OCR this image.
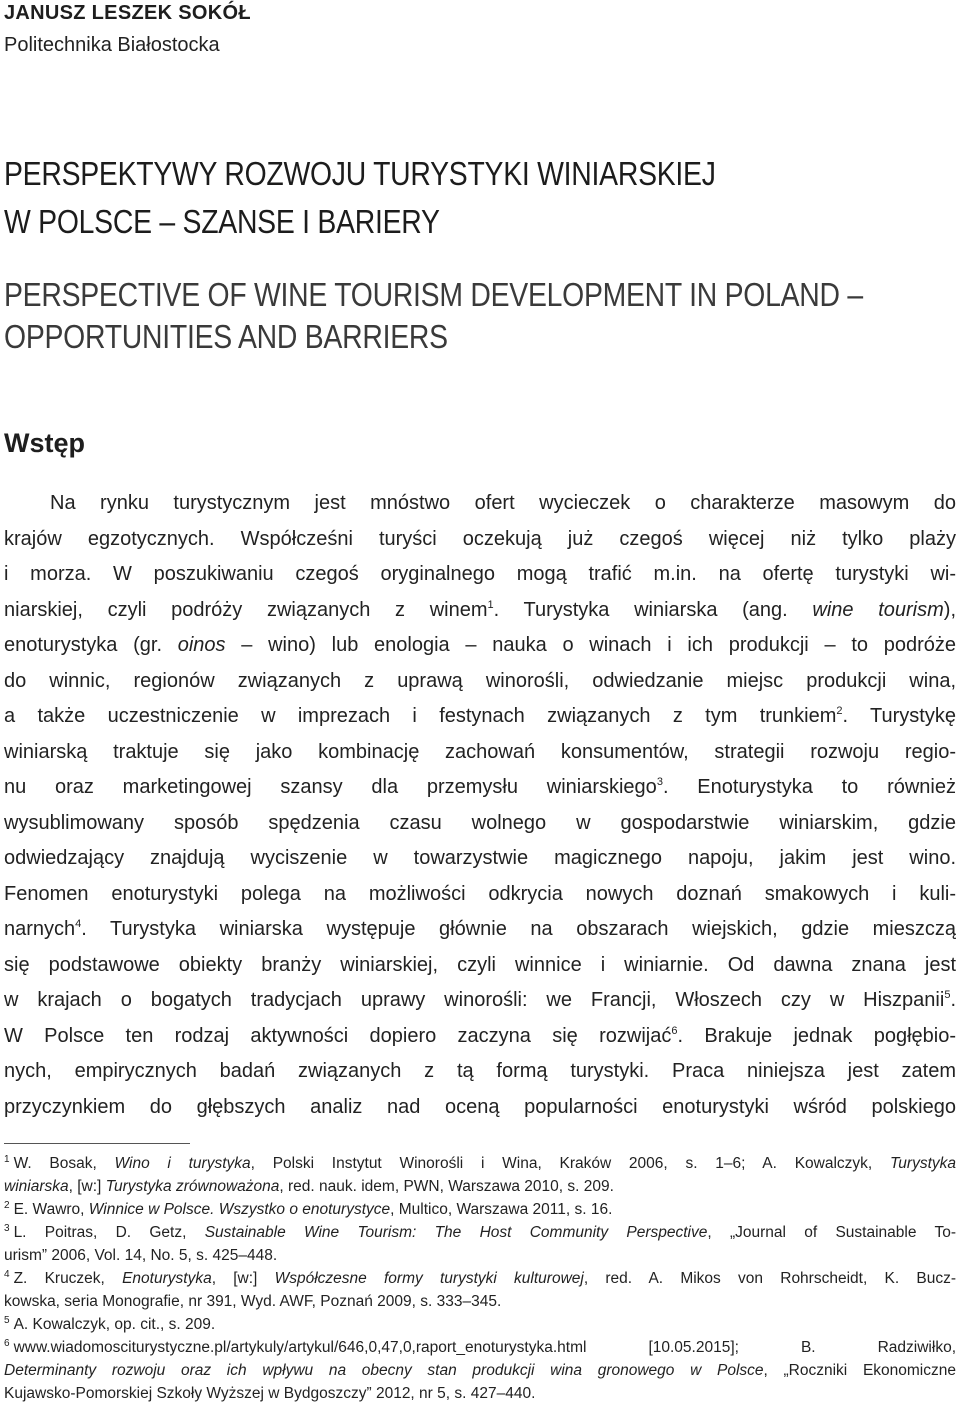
JANUSZ LESZEK SOKÓŁ
Politechnika Białostocka
PERSPEKTYWY ROZWOJU TURYSTYKI WINIARSKIEJ
W POLSCE – SZANSE I BARIERY
PERSPECTIVE OF WINE TOURISM DEVELOPMENT IN POLAND –
OPPORTUNITIES AND BARRIERS
Wstęp
Na rynku turystycznym jest mnóstwo ofert wycieczek o charakterze masowym do
krajów egzotycznych. Współcześni turyści oczekują już czegoś więcej niż tylko plaży
i morza. W poszukiwaniu czegoś oryginalnego mogą trafić m.in. na ofertę turystyki wi-
niarskiej, czyli podróży związanych z winem$^1$. Turystyka winiarska (ang. wine tourism),
enoturystyka (gr. oinos – wino) lub enologia – nauka o winach i ich produkcji – to podróże
do winnic, regionów związanych z uprawą winorośli, odwiedzanie miejsc produkcji wina,
a także uczestniczenie w imprezach i festynach związanych z tym trunkiem$^2$. Turystykę
winiarską traktuje się jako kombinację zachowań konsumentów, strategii rozwoju regio-
nu oraz marketingowej szansy dla przemysłu winiarskiego$^3$. Enoturystyka to również
wysublimowany sposób spędzenia czasu wolnego w gospodarstwie winiarskim, gdzie
odwiedzający znajdują wyciszenie w towarzystwie magicznego napoju, jakim jest wino.
Fenomen enoturystyki polega na możliwości odkrycia nowych doznań smakowych i kuli-
narnych$^4$. Turystyka winiarska występuje głównie na obszarach wiejskich, gdzie mieszczą
się podstawowe obiekty branży winiarskiej, czyli winnice i winiarnie. Od dawna znana jest
w krajach o bogatych tradycjach uprawy winorośli: we Francji, Włoszech czy w Hiszpanii$^5$.
W Polsce ten rodzaj aktywności dopiero zaczyna się rozwijać$^6$. Brakuje jednak pogłębio-
nych, empirycznych badań związanych z tą formą turystyki. Praca niniejsza jest zatem
przyczynkiem do głębszych analiz nad oceną popularności enoturystyki wśród polskiego
$^1$ W. Bosak, Wino i turystyka, Polski Instytut Winorośli i Wina, Kraków 2006, s. 1–6; A. Kowalczyk, Turystyka
winiarska, [w:] Turystyka zrównoważona, red. nauk. idem, PWN, Warszawa 2010, s. 209.
$^2$ E. Wawro, Winnice w Polsce. Wszystko o enoturystyce, Multico, Warszawa 2011, s. 16.
$^3$ L. Poitras, D. Getz, Sustainable Wine Tourism: The Host Community Perspective, „Journal of Sustainable To-
urism” 2006, Vol. 14, No. 5, s. 425–448.
$^4$ Z. Kruczek, Enoturystyka, [w:] Współczesne formy turystyki kulturowej, red. A. Mikos von Rohrscheidt, K. Bucz-
kowska, seria Monografie, nr 391, Wyd. AWF, Poznań 2009, s. 333–345.
$^5$ A. Kowalczyk, op. cit., s. 209.
$^6$ www.wiadomosciturystyczne.pl/artykuly/artykul/646,0,47,0,raport_enoturystyka.html [10.05.2015]; B. Radziwiłko,
Determinanty rozwoju oraz ich wpływu na obecny stan produkcji wina gronowego w Polsce, „Roczniki Ekonomiczne
Kujawsko-Pomorskiej Szkoły Wyższej w Bydgoszczy” 2012, nr 5, s. 427–440.
